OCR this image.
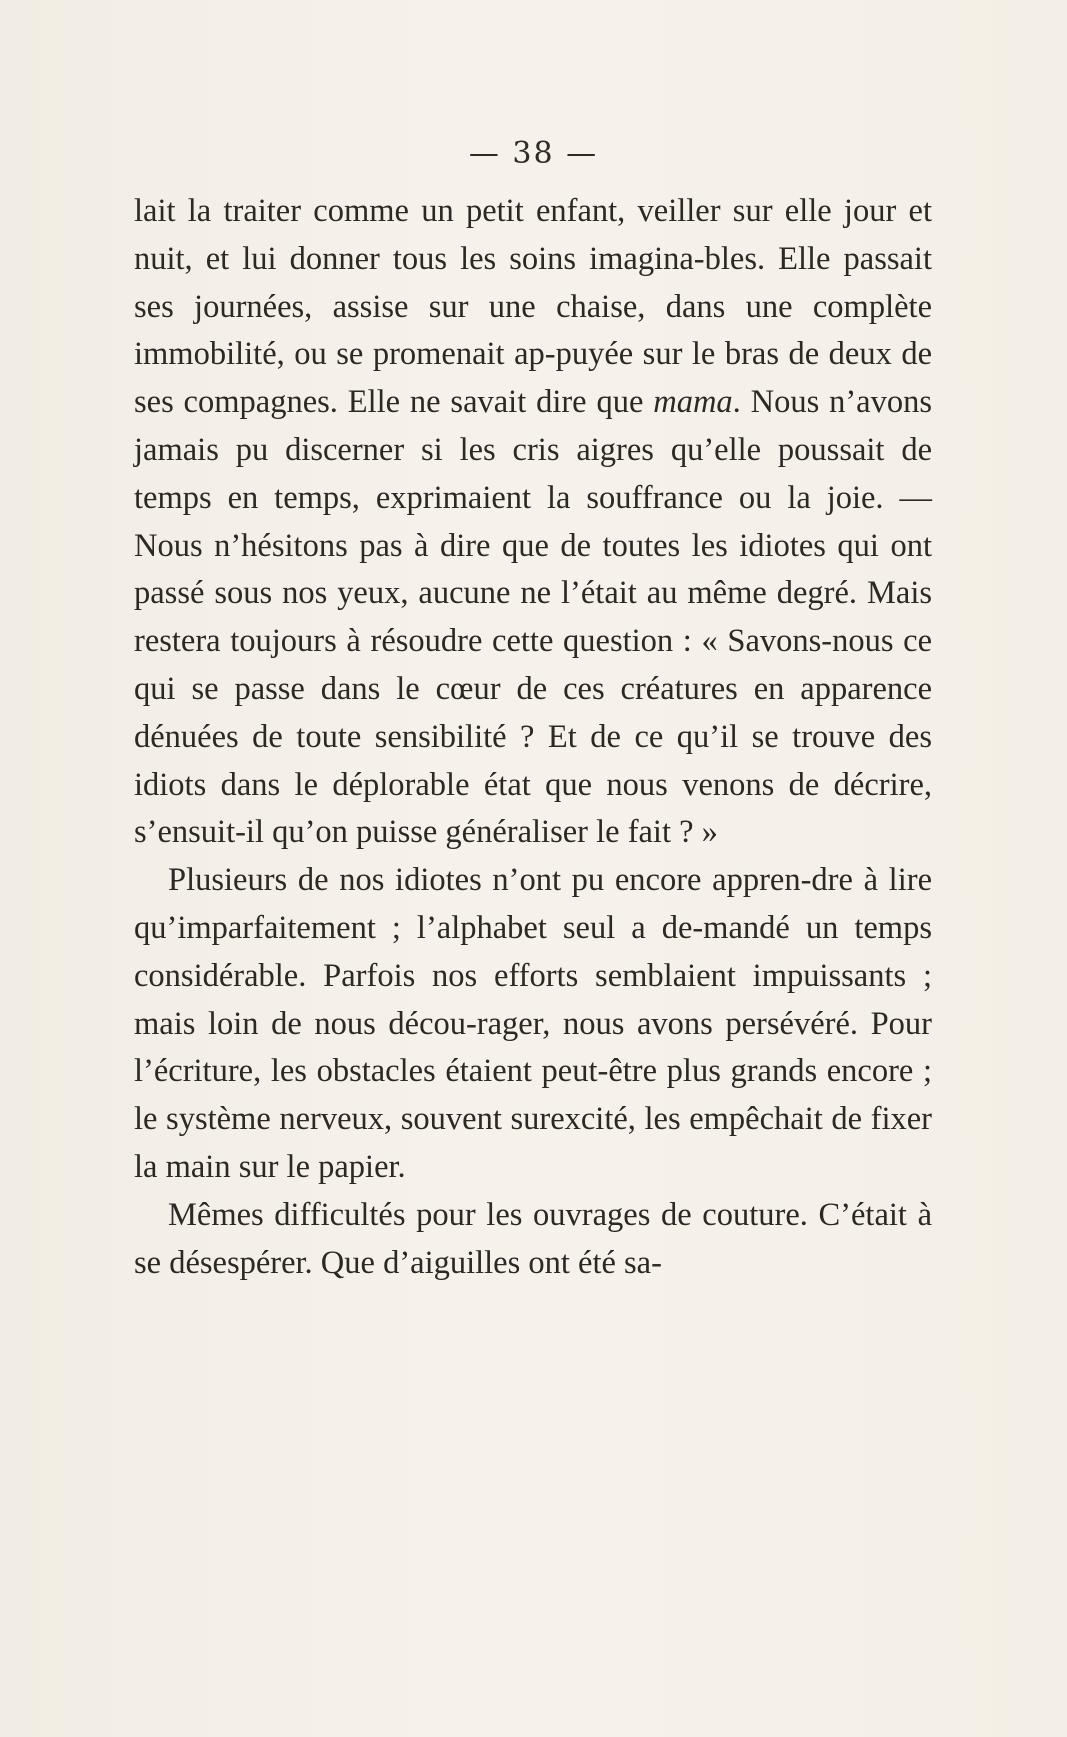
— 38 —

lait la traiter comme un petit enfant, veiller sur elle jour et nuit, et lui donner tous les soins imagina-bles. Elle passait ses journées, assise sur une chaise, dans une complète immobilité, ou se promenait ap-puyée sur le bras de deux de ses compagnes. Elle ne savait dire que mama. Nous n’avons jamais pu discerner si les cris aigres qu’elle poussait de temps en temps, exprimaient la souffrance ou la joie. — Nous n’hésitons pas à dire que de toutes les idiotes qui ont passé sous nos yeux, aucune ne l’était au même degré. Mais restera toujours à résoudre cette question : « Savons-nous ce qui se passe dans le cœur de ces créatures en apparence dénuées de toute sensibilité ? Et de ce qu’il se trouve des idiots dans le déplorable état que nous venons de décrire, s’ensuit-il qu’on puisse généraliser le fait ? »

Plusieurs de nos idiotes n’ont pu encore appren-dre à lire qu’imparfaitement ; l’alphabet seul a de-mandé un temps considérable. Parfois nos efforts semblaient impuissants ; mais loin de nous décou-rager, nous avons persévéré. Pour l’écriture, les obstacles étaient peut-être plus grands encore ; le système nerveux, souvent surexcité, les empêchait de fixer la main sur le papier.

Mêmes difficultés pour les ouvrages de couture. C’était à se désespérer. Que d’aiguilles ont été sa-
